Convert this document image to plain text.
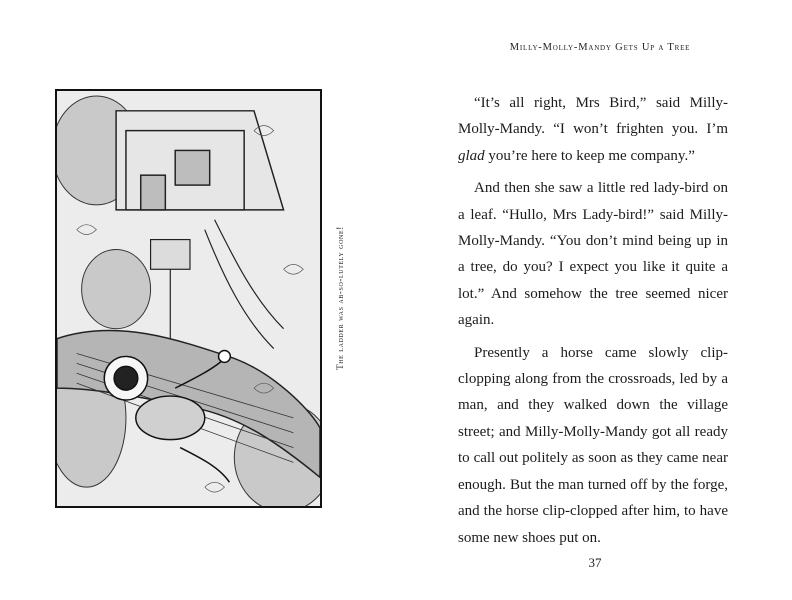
The ladder was ab-so-lutely gone!
Milly-Molly-Mandy Gets Up a Tree

“It’s all right, Mrs Bird,” said Milly-Molly-Mandy. “I won’t frighten you. I’m glad you’re here to keep me company.”

And then she saw a little red lady-bird on a leaf. “Hullo, Mrs Lady-bird!” said Milly-Molly-Mandy. “You don’t mind being up in a tree, do you? I expect you like it quite a lot.” And somehow the tree seemed nicer again.

Presently a horse came slowly clip-clopping along from the crossroads, led by a man, and they walked down the village street; and Milly-Molly-Mandy got all ready to call out politely as soon as they came near enough. But the man turned off by the forge, and the horse clip-clopped after him, to have some new shoes put on.

37
